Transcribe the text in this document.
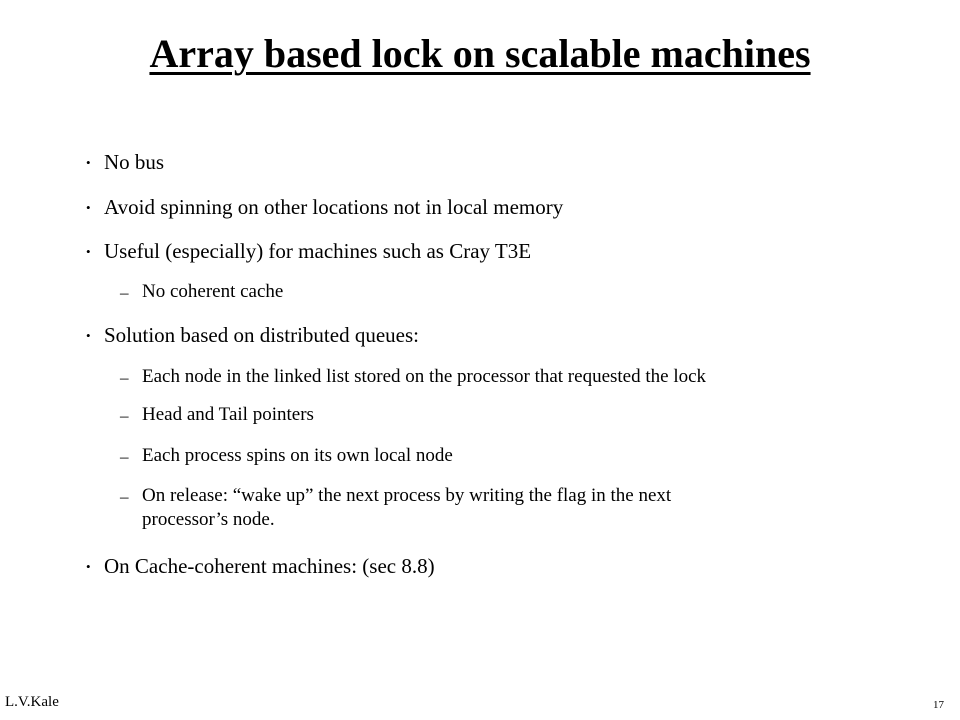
Array based lock on scalable machines
• No bus
• Avoid spinning on other locations not in local memory
• Useful (especially) for machines such as Cray T3E
– No coherent cache
• Solution based on distributed queues:
– Each node in the linked list stored on the processor that requested the lock
– Head and Tail pointers
– Each process spins on its own local node
– On release: “wake up” the next process by writing the flag in the next
processor’s node.
• On Cache-coherent machines: (sec 8.8)
L.V.Kale	17
